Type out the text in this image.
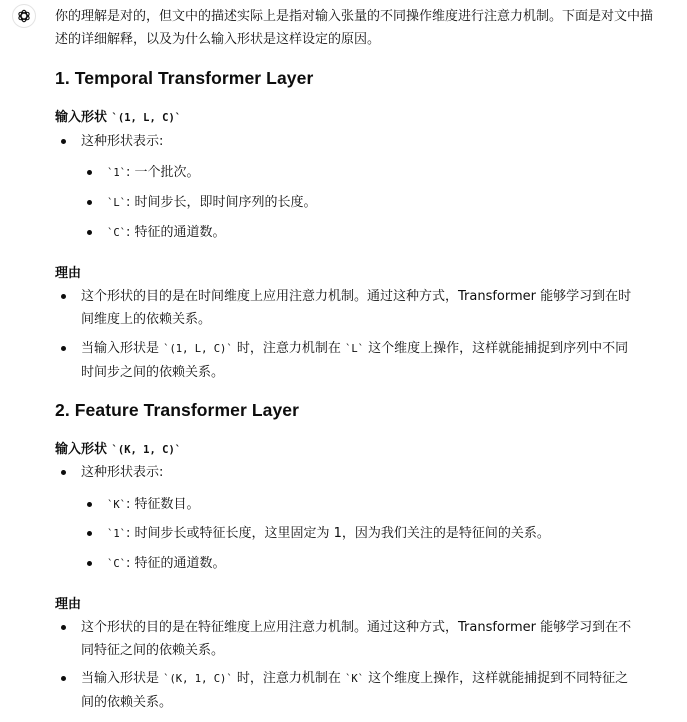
你的理解是对的，但文中的描述实际上是指对输入张量的不同操作维度进行注意力机制。下面是对文中描述的详细解释，以及为什么输入形状是这样设定的原因。

1. Temporal Transformer Layer

输入形状 `(1, L, C)`

这种形状表示:
`1`: 一个批次。
`L`: 时间步长，即时间序列的长度。
`C`: 特征的通道数。

理由

这个形状的目的是在时间维度上应用注意力机制。通过这种方式，Transformer 能够学习到在时间维度上的依赖关系。
当输入形状是 `(1, L, C)` 时，注意力机制在 `L` 这个维度上操作，这样就能捕捉到序列中不同时间步之间的依赖关系。
2. Feature Transformer Layer

输入形状 `(K, 1, C)`

这种形状表示:
`K`: 特征数目。
`1`: 时间步长或特征长度，这里固定为 1，因为我们关注的是特征间的关系。
`C`: 特征的通道数。

理由

这个形状的目的是在特征维度上应用注意力机制。通过这种方式，Transformer 能够学习到在不同特征之间的依赖关系。
当输入形状是 `(K, 1, C)` 时，注意力机制在 `K` 这个维度上操作，这样就能捕捉到不同特征之间的依赖关系。
